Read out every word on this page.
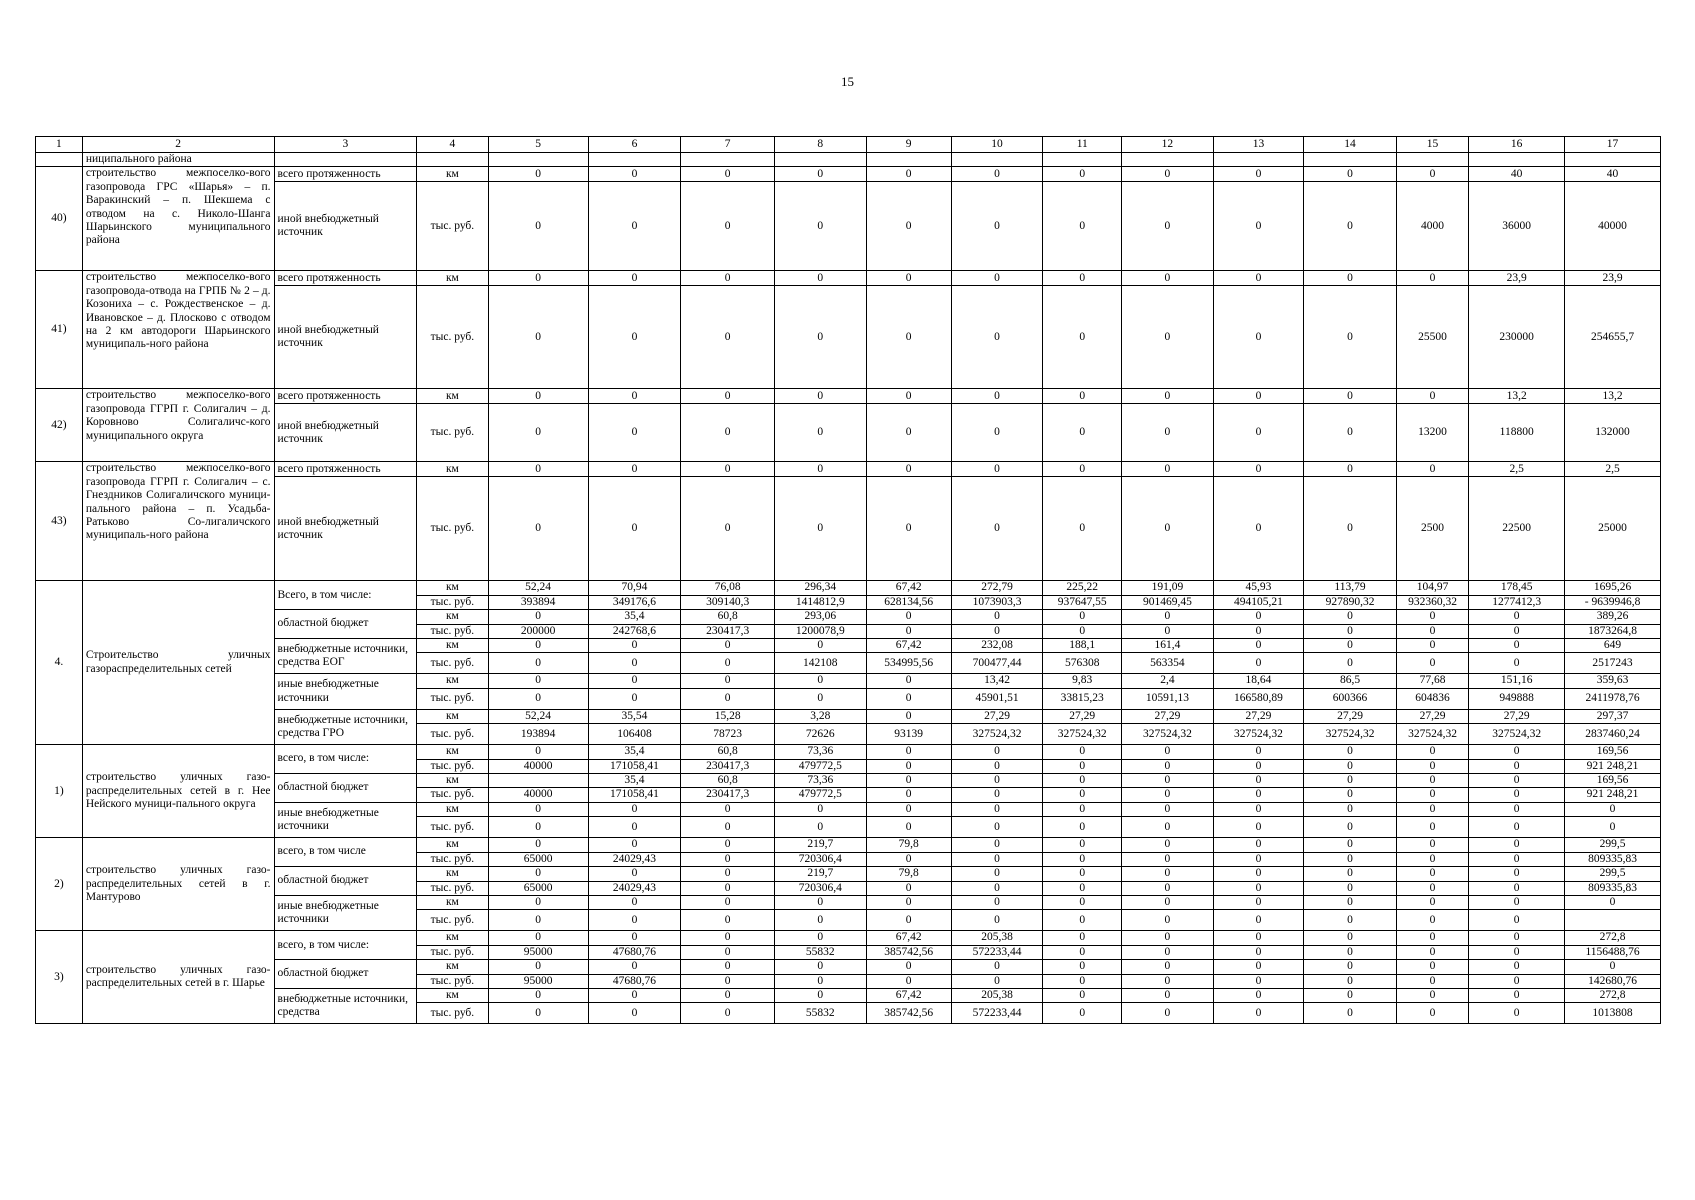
15
1	2	3	4	5	6	7	8	9	10	11	12	13	14	15	16	17
	ниципального района															
40)	строительство межпоселко-вого газопровода ГРС «Шарья» – п. Варакинский – п. Шекшема с отводом на с. Николо-Шанга Шарьинского муниципального района	всего протяженность	км	0	0	0	0	0	0	0	0	0	0	0	40	40
		иной внебюджетный источник	тыс. руб.	0	0	0	0	0	0	0	0	0	0	4000	36000	40000
41)	строительство межпоселко-вого газопровода-отвода на ГРПБ № 2 – д. Козониха – с. Рождественское – д. Ивановское – д. Плосково с отводом на 2 км автодороги Шарьинского муниципаль-ного района	всего протяженность	км	0	0	0	0	0	0	0	0	0	0	0	23,9	23,9
		иной внебюджетный источник	тыс. руб.	0	0	0	0	0	0	0	0	0	0	25500	230000	254655,7
42)	строительство межпоселко-вого газопровода ГГРП г. Солигалич – д. Коровново Солигаличс-кого муниципального округа	всего протяженность	км	0	0	0	0	0	0	0	0	0	0	0	13,2	13,2
		иной внебюджетный источник	тыс. руб.	0	0	0	0	0	0	0	0	0	0	13200	118800	132000
43)	строительство межпоселко-вого газопровода ГГРП г. Солигалич – с. Гнездников Солигаличского муници-пального района – п. Усадьба-Ратьково Со-лигаличского муниципаль-ного района	всего протяженность	км	0	0	0	0	0	0	0	0	0	0	0	2,5	2,5
		иной внебюджетный источник	тыс. руб.	0	0	0	0	0	0	0	0	0	0	2500	22500	25000
4.	Строительство уличных газораспределительных сетей	Всего, в том числе:	км	52,24	70,94	76,08	296,34	67,42	272,79	225,22	191,09	45,93	113,79	104,97	178,45	1695,26
			тыс. руб.	393894	349176,6	309140,3	1414812,9	628134,56	1073903,3	937647,55	901469,45	494105,21	927890,32	932360,32	1277412,3	- 9639946,8
		областной бюджет	км	0	35,4	60,8	293,06	0	0	0	0	0	0	0	0	389,26
			тыс. руб.	200000	242768,6	230417,3	1200078,9	0	0	0	0	0	0	0	0	1873264,8
		внебюджетные источники, средства ЕОГ	км	0	0	0	0	67,42	232,08	188,1	161,4	0	0	0	0	649
			тыс. руб.	0	0	0	142108	534995,56	700477,44	576308	563354	0	0	0	0	2517243
		иные внебюджетные источники	км	0	0	0	0	0	13,42	9,83	2,4	18,64	86,5	77,68	151,16	359,63
			тыс. руб.	0	0	0	0	0	45901,51	33815,23	10591,13	166580,89	600366	604836	949888	2411978,76
		внебюджетные источники, средства ГРО	км	52,24	35,54	15,28	3,28	0	27,29	27,29	27,29	27,29	27,29	27,29	27,29	297,37
			тыс. руб.	193894	106408	78723	72626	93139	327524,32	327524,32	327524,32	327524,32	327524,32	327524,32	327524,32	2837460,24
1)	строительство уличных газо-распределительных сетей в г. Нее Нейского муници-пального округа	всего, в том числе:	км	0	35,4	60,8	73,36	0	0	0	0	0	0	0	0	169,56
			тыс. руб.	40000	171058,41	230417,3	479772,5	0	0	0	0	0	0	0	0	921 248,21
		областной бюджет	км		35,4	60,8	73,36	0	0	0	0	0	0	0	0	169,56
			тыс. руб.	40000	171058,41	230417,3	479772,5	0	0	0	0	0	0	0	0	921 248,21
		иные внебюджетные источники	км	0	0	0	0	0	0	0	0	0	0	0	0	0
			тыс. руб.	0	0	0	0	0	0	0	0	0	0	0	0	0
2)	строительство уличных газо-распределительных сетей в г. Мантурово	всего, в том числе	км	0	0	0	219,7	79,8	0	0	0	0	0	0	0	299,5
			тыс. руб.	65000	24029,43	0	720306,4	0	0	0	0	0	0	0	0	809335,83
		областной бюджет	км	0	0	0	219,7	79,8	0	0	0	0	0	0	0	299,5
			тыс. руб.	65000	24029,43	0	720306,4	0	0	0	0	0	0	0	0	809335,83
		иные внебюджетные источники	км	0	0	0	0	0	0	0	0	0	0	0	0	0
			тыс. руб.	0	0	0	0	0	0	0	0	0	0	0	0	
3)	строительство уличных газо-распределительных сетей в г. Шарье	всего, в том числе:	км	0	0	0	0	67,42	205,38	0	0	0	0	0	0	272,8
			тыс. руб.	95000	47680,76	0	55832	385742,56	572233,44	0	0	0	0	0	0	1156488,76
		областной бюджет	км	0	0	0	0	0	0	0	0	0	0	0	0	0
			тыс. руб.	95000	47680,76	0	0	0	0	0	0	0	0	0	0	142680,76
		внебюджетные источники, средства	км	0	0	0	0	67,42	205,38	0	0	0	0	0	0	272,8
			тыс. руб.	0	0	0	55832	385742,56	572233,44	0	0	0	0	0	0	1013808
